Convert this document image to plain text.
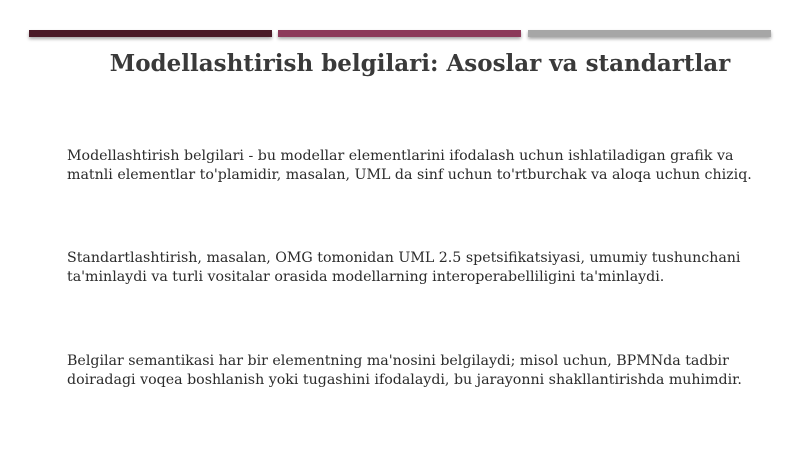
Modellashtirish belgilari: Asoslar va standartlar

Modellashtirish belgilari - bu modellar elementlarini ifodalash uchun ishlatiladigan grafik va matnli elementlar to'plamidir, masalan, UML da sinf uchun to'rtburchak va aloqa uchun chiziq.

Standartlashtirish, masalan, OMG tomonidan UML 2.5 spetsifikatsiyasi, umumiy tushunchani ta'minlaydi va turli vositalar orasida modellarning interoperabelliligini ta'minlaydi.

Belgilar semantikasi har bir elementning ma'nosini belgilaydi; misol uchun, BPMNda tadbir doiradagi voqea boshlanish yoki tugashini ifodalaydi, bu jarayonni shakllantirishda muhimdir.
